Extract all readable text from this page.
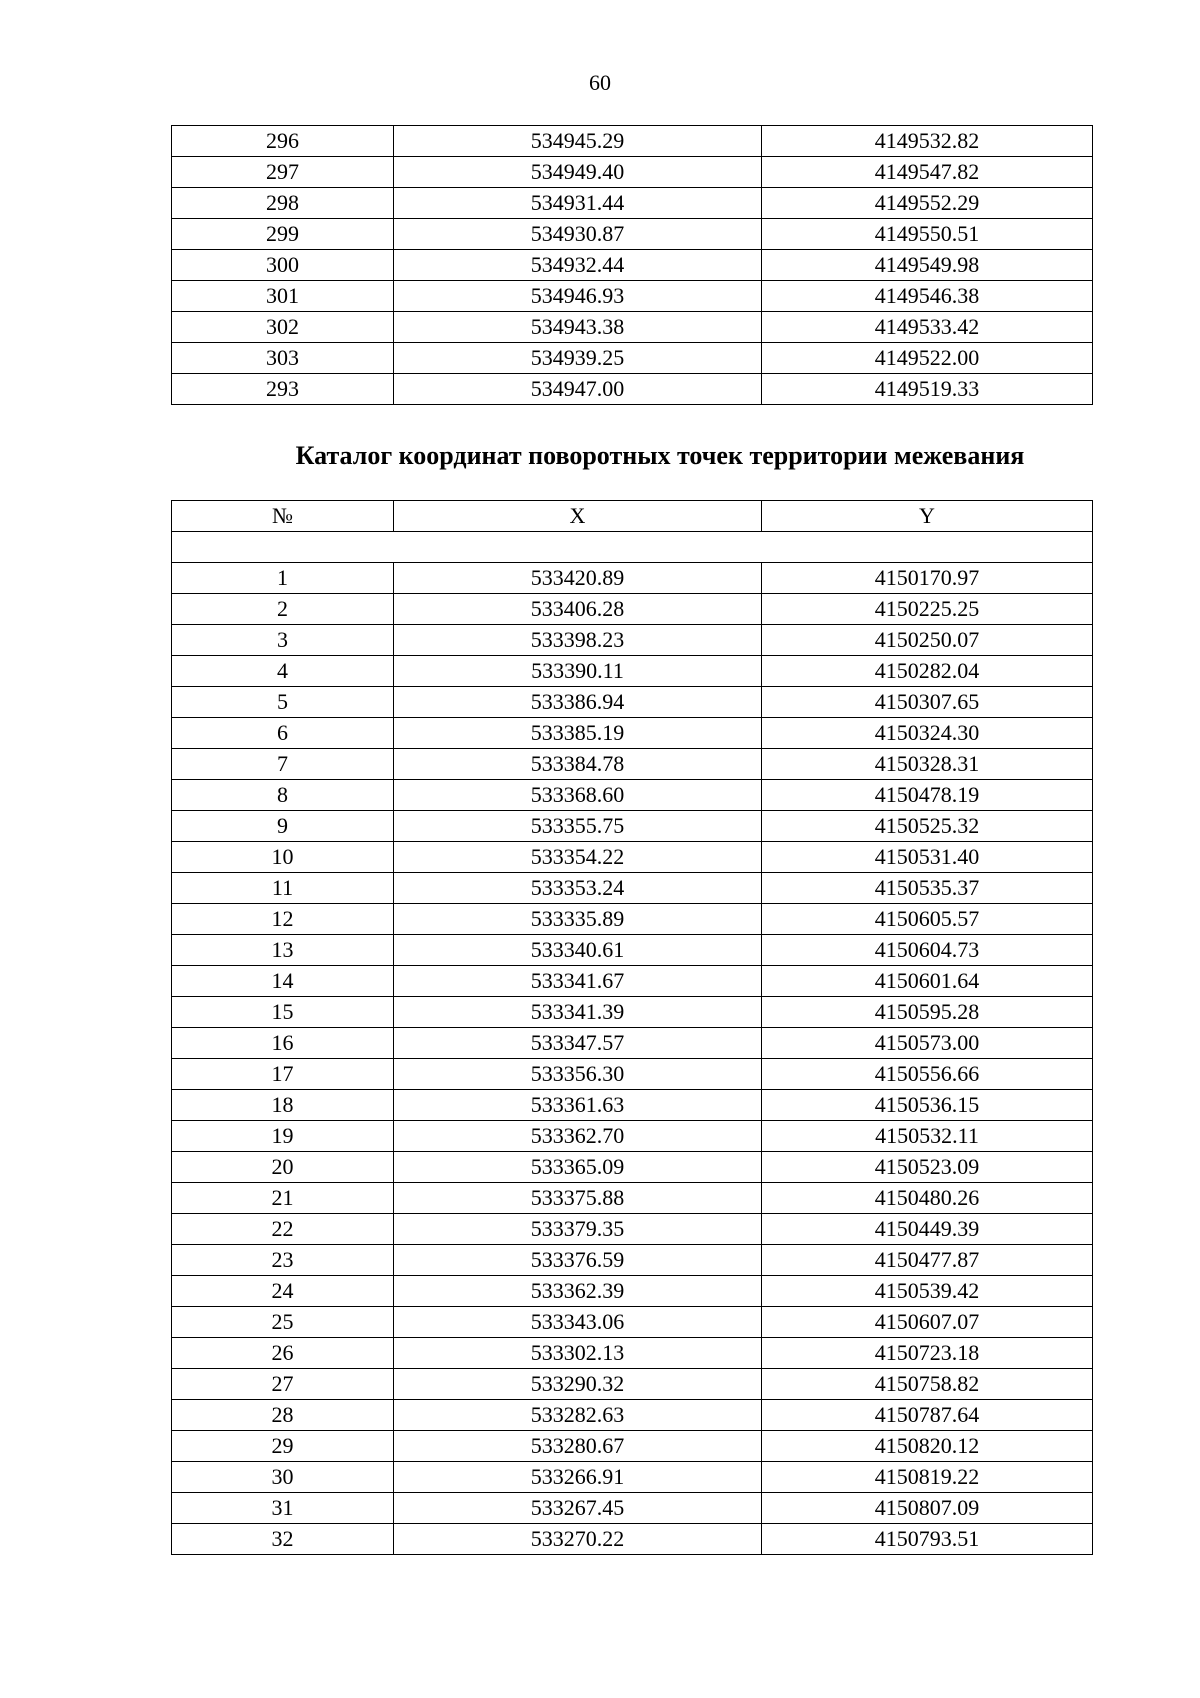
60
296	534945.29	4149532.82
297	534949.40	4149547.82
298	534931.44	4149552.29
299	534930.87	4149550.51
300	534932.44	4149549.98
301	534946.93	4149546.38
302	534943.38	4149533.42
303	534939.25	4149522.00
293	534947.00	4149519.33
Каталог координат поворотных точек территории межевания
№	X	Y

1	533420.89	4150170.97
2	533406.28	4150225.25
3	533398.23	4150250.07
4	533390.11	4150282.04
5	533386.94	4150307.65
6	533385.19	4150324.30
7	533384.78	4150328.31
8	533368.60	4150478.19
9	533355.75	4150525.32
10	533354.22	4150531.40
11	533353.24	4150535.37
12	533335.89	4150605.57
13	533340.61	4150604.73
14	533341.67	4150601.64
15	533341.39	4150595.28
16	533347.57	4150573.00
17	533356.30	4150556.66
18	533361.63	4150536.15
19	533362.70	4150532.11
20	533365.09	4150523.09
21	533375.88	4150480.26
22	533379.35	4150449.39
23	533376.59	4150477.87
24	533362.39	4150539.42
25	533343.06	4150607.07
26	533302.13	4150723.18
27	533290.32	4150758.82
28	533282.63	4150787.64
29	533280.67	4150820.12
30	533266.91	4150819.22
31	533267.45	4150807.09
32	533270.22	4150793.51
